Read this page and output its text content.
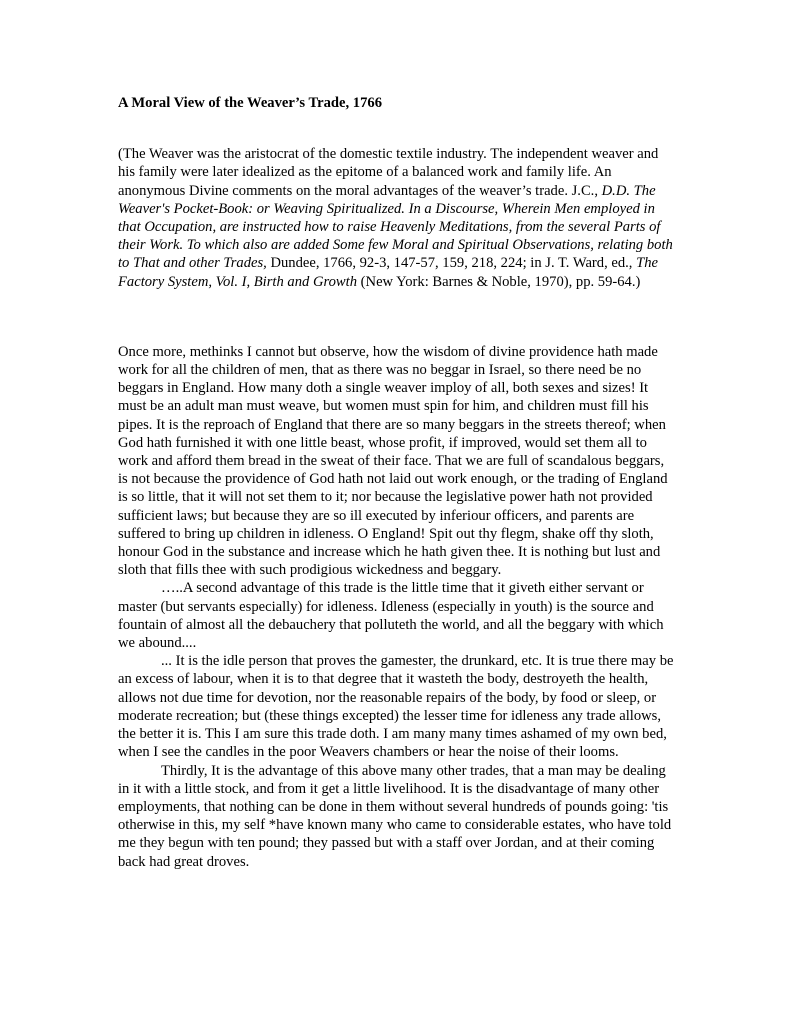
A Moral View of the Weaver’s Trade, 1766

(The Weaver was the aristocrat of the domestic textile industry. The independent weaver and his family were later idealized as the epitome of a balanced work and family life. An anonymous Divine comments on the moral advantages of the weaver’s trade. J.C., D.D. The Weaver's Pocket-Book: or Weaving Spiritualized. In a Discourse, Wherein Men employed in that Occupation, are instructed how to raise Heavenly Meditations, from the several Parts of their Work. To which also are added Some few Moral and Spiritual Observations, relating both to That and other Trades, Dundee, 1766, 92-3, 147-57, 159, 218, 224; in J. T. Ward, ed., The Factory System, Vol. I, Birth and Growth (New York: Barnes & Noble, 1970), pp. 59-64.)

Once more, methinks I cannot but observe, how the wisdom of divine providence hath made work for all the children of men, that as there was no beggar in Israel, so there need be no beggars in England. How many doth a single weaver imploy of all, both sexes and sizes! It must be an adult man must weave, but women must spin for him, and children must fill his pipes. It is the reproach of England that there are so many beggars in the streets thereof; when God hath furnished it with one little beast, whose profit, if improved, would set them all to work and afford them bread in the sweat of their face. That we are full of scandalous beggars, is not because the providence of God hath not laid out work enough, or the trading of England is so little, that it will not set them to it; nor because the legislative power hath not provided sufficient laws; but because they are so ill executed by inferiour officers, and parents are suffered to bring up children in idleness. O England! Spit out thy flegm, shake off thy sloth, honour God in the substance and increase which he hath given thee. It is nothing but lust and sloth that fills thee with such prodigious wickedness and beggary.

…..A second advantage of this trade is the little time that it giveth either servant or master (but servants especially) for idleness. Idleness (especially in youth) is the source and fountain of almost all the debauchery that polluteth the world, and all the beggary with which we abound....

... It is the idle person that proves the gamester, the drunkard, etc. It is true there may be an excess of labour, when it is to that degree that it wasteth the body, destroyeth the health, allows not due time for devotion, nor the reasonable repairs of the body, by food or sleep, or moderate recreation; but (these things excepted) the lesser time for idleness any trade allows, the better it is. This I am sure this trade doth. I am many many times ashamed of my own bed, when I see the candles in the poor Weavers chambers or hear the noise of their looms.

Thirdly, It is the advantage of this above many other trades, that a man may be dealing in it with a little stock, and from it get a little livelihood. It is the disadvantage of many other employments, that nothing can be done in them without several hundreds of pounds going: 'tis otherwise in this, my self *have known many who came to considerable estates, who have told me they begun with ten pound; they passed but with a staff over Jordan, and at their coming back had great droves.
